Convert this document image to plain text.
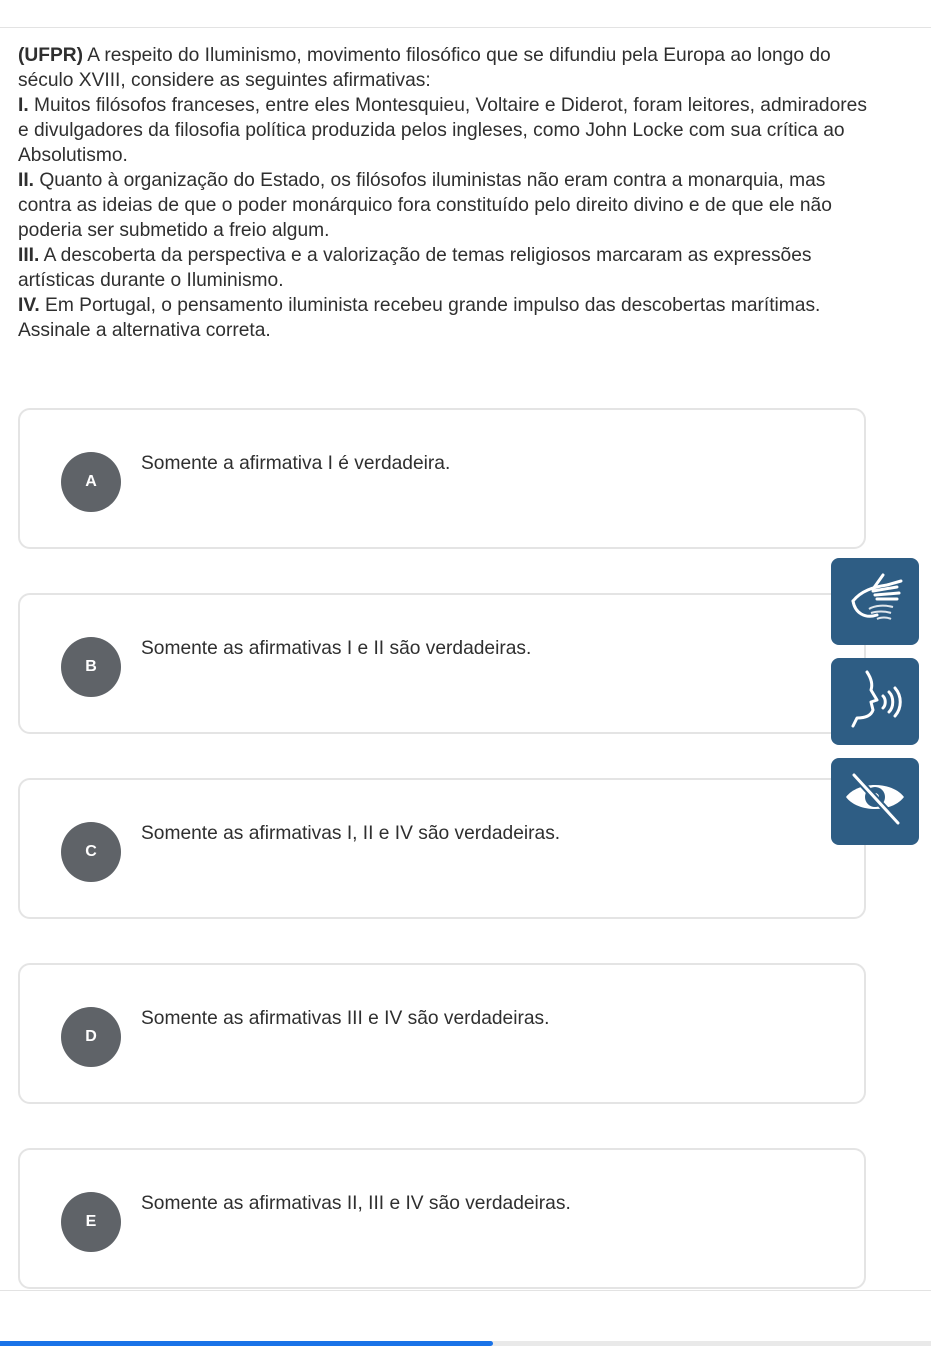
(UFPR) A respeito do Iluminismo, movimento filosófico que se difundiu pela Europa ao longo do século XVIII, considere as seguintes afirmativas:

I. Muitos filósofos franceses, entre eles Montesquieu, Voltaire e Diderot, foram leitores, admiradores e divulgadores da filosofia política produzida pelos ingleses, como John Locke com sua crítica ao Absolutismo.

II. Quanto à organização do Estado, os filósofos iluministas não eram contra a monarquia, mas contra as ideias de que o poder monárquico fora constituído pelo direito divino e de que ele não poderia ser submetido a freio algum.

III. A descoberta da perspectiva e a valorização de temas religiosos marcaram as expressões artísticas durante o Iluminismo.

IV. Em Portugal, o pensamento iluminista recebeu grande impulso das descobertas marítimas.

Assinale a alternativa correta.

A
Somente a afirmativa I é verdadeira.
B
Somente as afirmativas I e II são verdadeiras.
C
Somente as afirmativas I, II e IV são verdadeiras.
D
Somente as afirmativas III e IV são verdadeiras.
E
Somente as afirmativas II, III e IV são verdadeiras.
